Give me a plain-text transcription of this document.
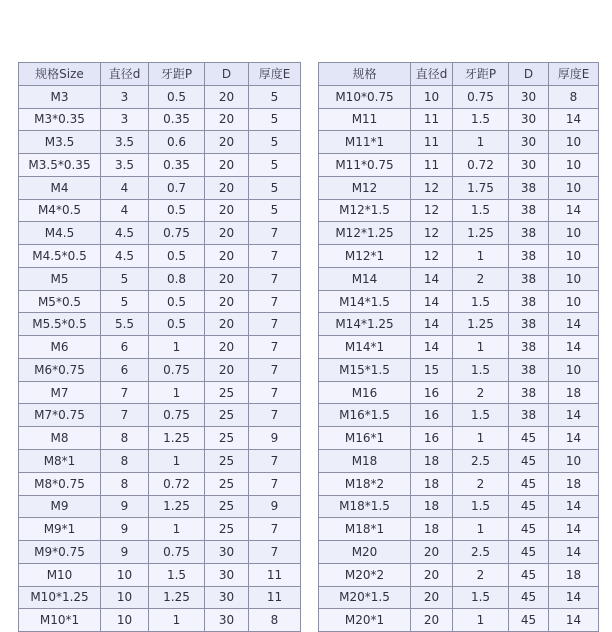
规格Size	直径d	牙距P	D	厚度E
M3	3	0.5	20	5
M3*0.35	3	0.35	20	5
M3.5	3.5	0.6	20	5
M3.5*0.35	3.5	0.35	20	5
M4	4	0.7	20	5
M4*0.5	4	0.5	20	5
M4.5	4.5	0.75	20	7
M4.5*0.5	4.5	0.5	20	7
M5	5	0.8	20	7
M5*0.5	5	0.5	20	7
M5.5*0.5	5.5	0.5	20	7
M6	6	1	20	7
M6*0.75	6	0.75	20	7
M7	7	1	25	7
M7*0.75	7	0.75	25	7
M8	8	1.25	25	9
M8*1	8	1	25	7
M8*0.75	8	0.72	25	7
M9	9	1.25	25	9
M9*1	9	1	25	7
M9*0.75	9	0.75	30	7
M10	10	1.5	30	11
M10*1.25	10	1.25	30	11
M10*1	10	1	30	8
规格	直径d	牙距P	D	厚度E
M10*0.75	10	0.75	30	8
M11	11	1.5	30	14
M11*1	11	1	30	10
M11*0.75	11	0.72	30	10
M12	12	1.75	38	10
M12*1.5	12	1.5	38	14
M12*1.25	12	1.25	38	10
M12*1	12	1	38	10
M14	14	2	38	10
M14*1.5	14	1.5	38	10
M14*1.25	14	1.25	38	14
M14*1	14	1	38	14
M15*1.5	15	1.5	38	10
M16	16	2	38	18
M16*1.5	16	1.5	38	14
M16*1	16	1	45	14
M18	18	2.5	45	10
M18*2	18	2	45	18
M18*1.5	18	1.5	45	14
M18*1	18	1	45	14
M20	20	2.5	45	14
M20*2	20	2	45	18
M20*1.5	20	1.5	45	14
M20*1	20	1	45	14
